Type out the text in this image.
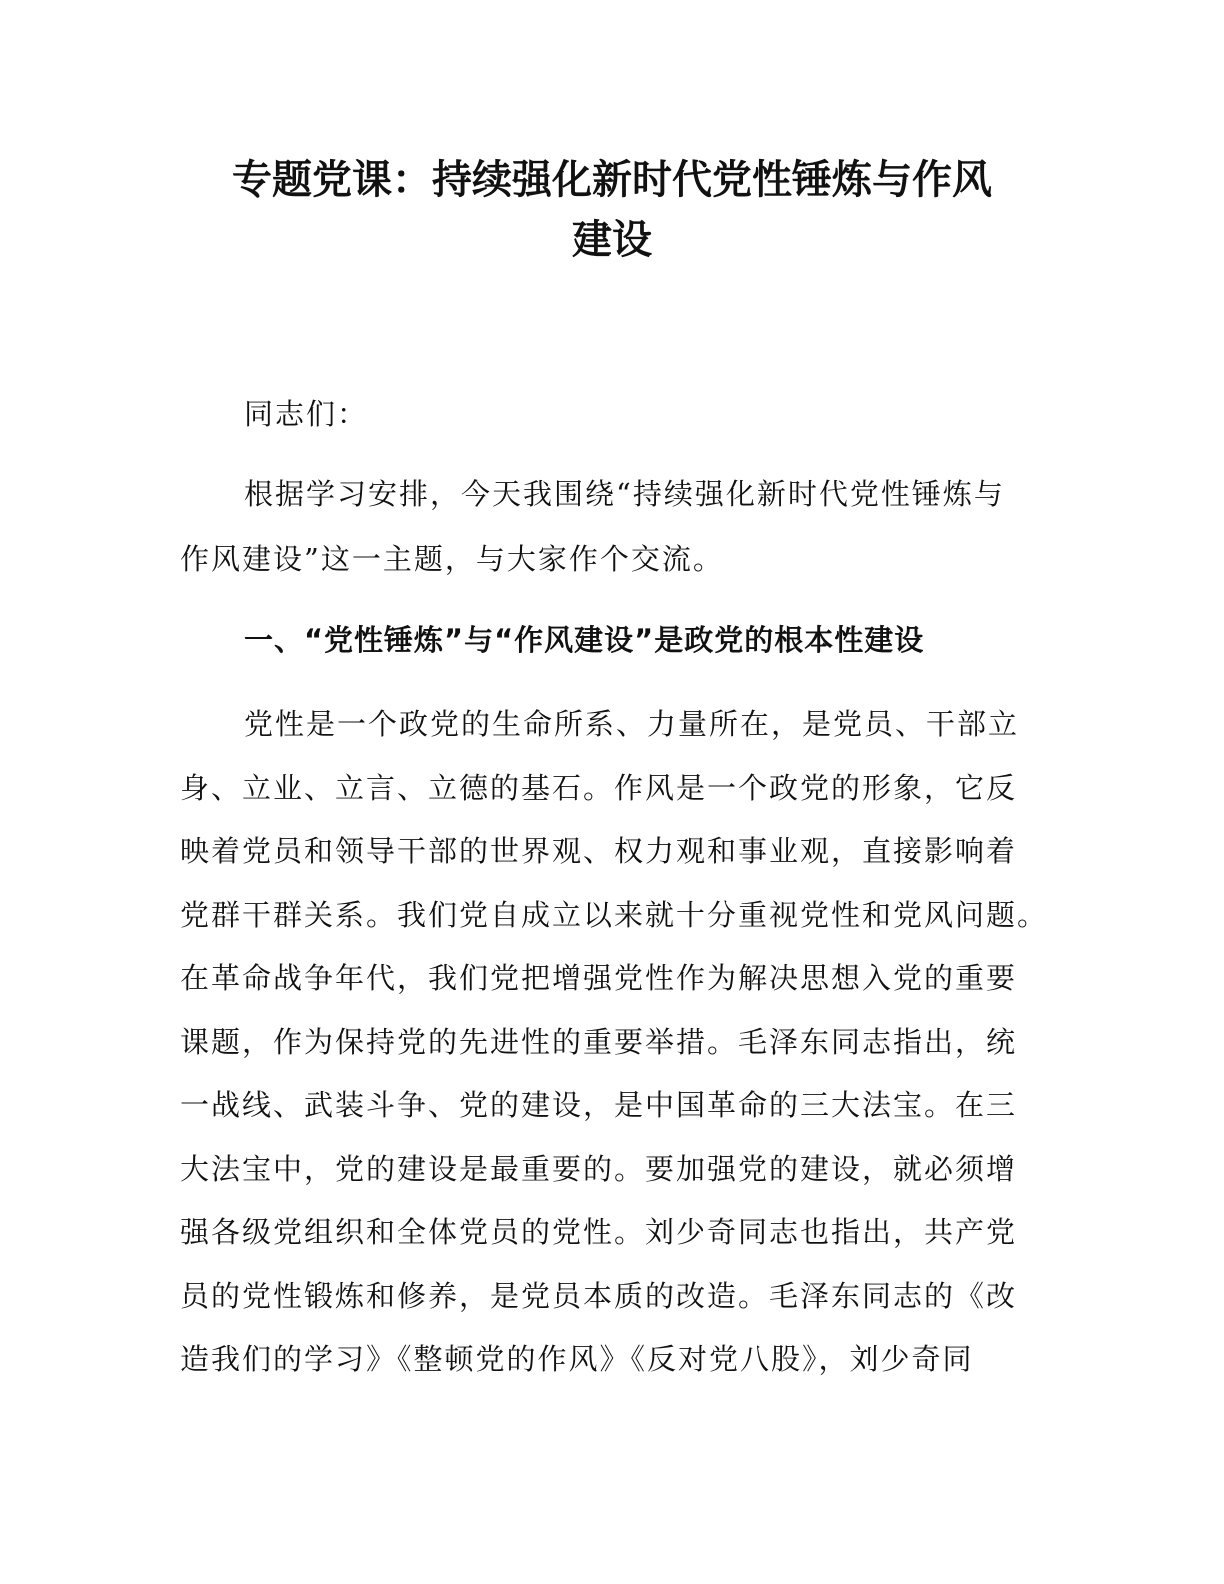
专题党课：持续强化新时代党性锤炼与作风
建设

同志们：

根据学习安排，今天我围绕“持续强化新时代党性锤炼与

作风建设”这一主题，与大家作个交流。

一、“党性锤炼”与“作风建设”是政党的根本性建设

党性是一个政党的生命所系、力量所在，是党员、干部立

身、立业、立言、立德的基石。作风是一个政党的形象，它反

映着党员和领导干部的世界观、权力观和事业观，直接影响着

党群干群关系。我们党自成立以来就十分重视党性和党风问题。

在革命战争年代，我们党把增强党性作为解决思想入党的重要

课题，作为保持党的先进性的重要举措。毛泽东同志指出，统

一战线、武装斗争、党的建设，是中国革命的三大法宝。在三

大法宝中，党的建设是最重要的。要加强党的建设，就必须增

强各级党组织和全体党员的党性。刘少奇同志也指出，共产党

员的党性锻炼和修养，是党员本质的改造。毛泽东同志的《改

造我们的学习》《整顿党的作风》《反对党八股》，刘少奇同
